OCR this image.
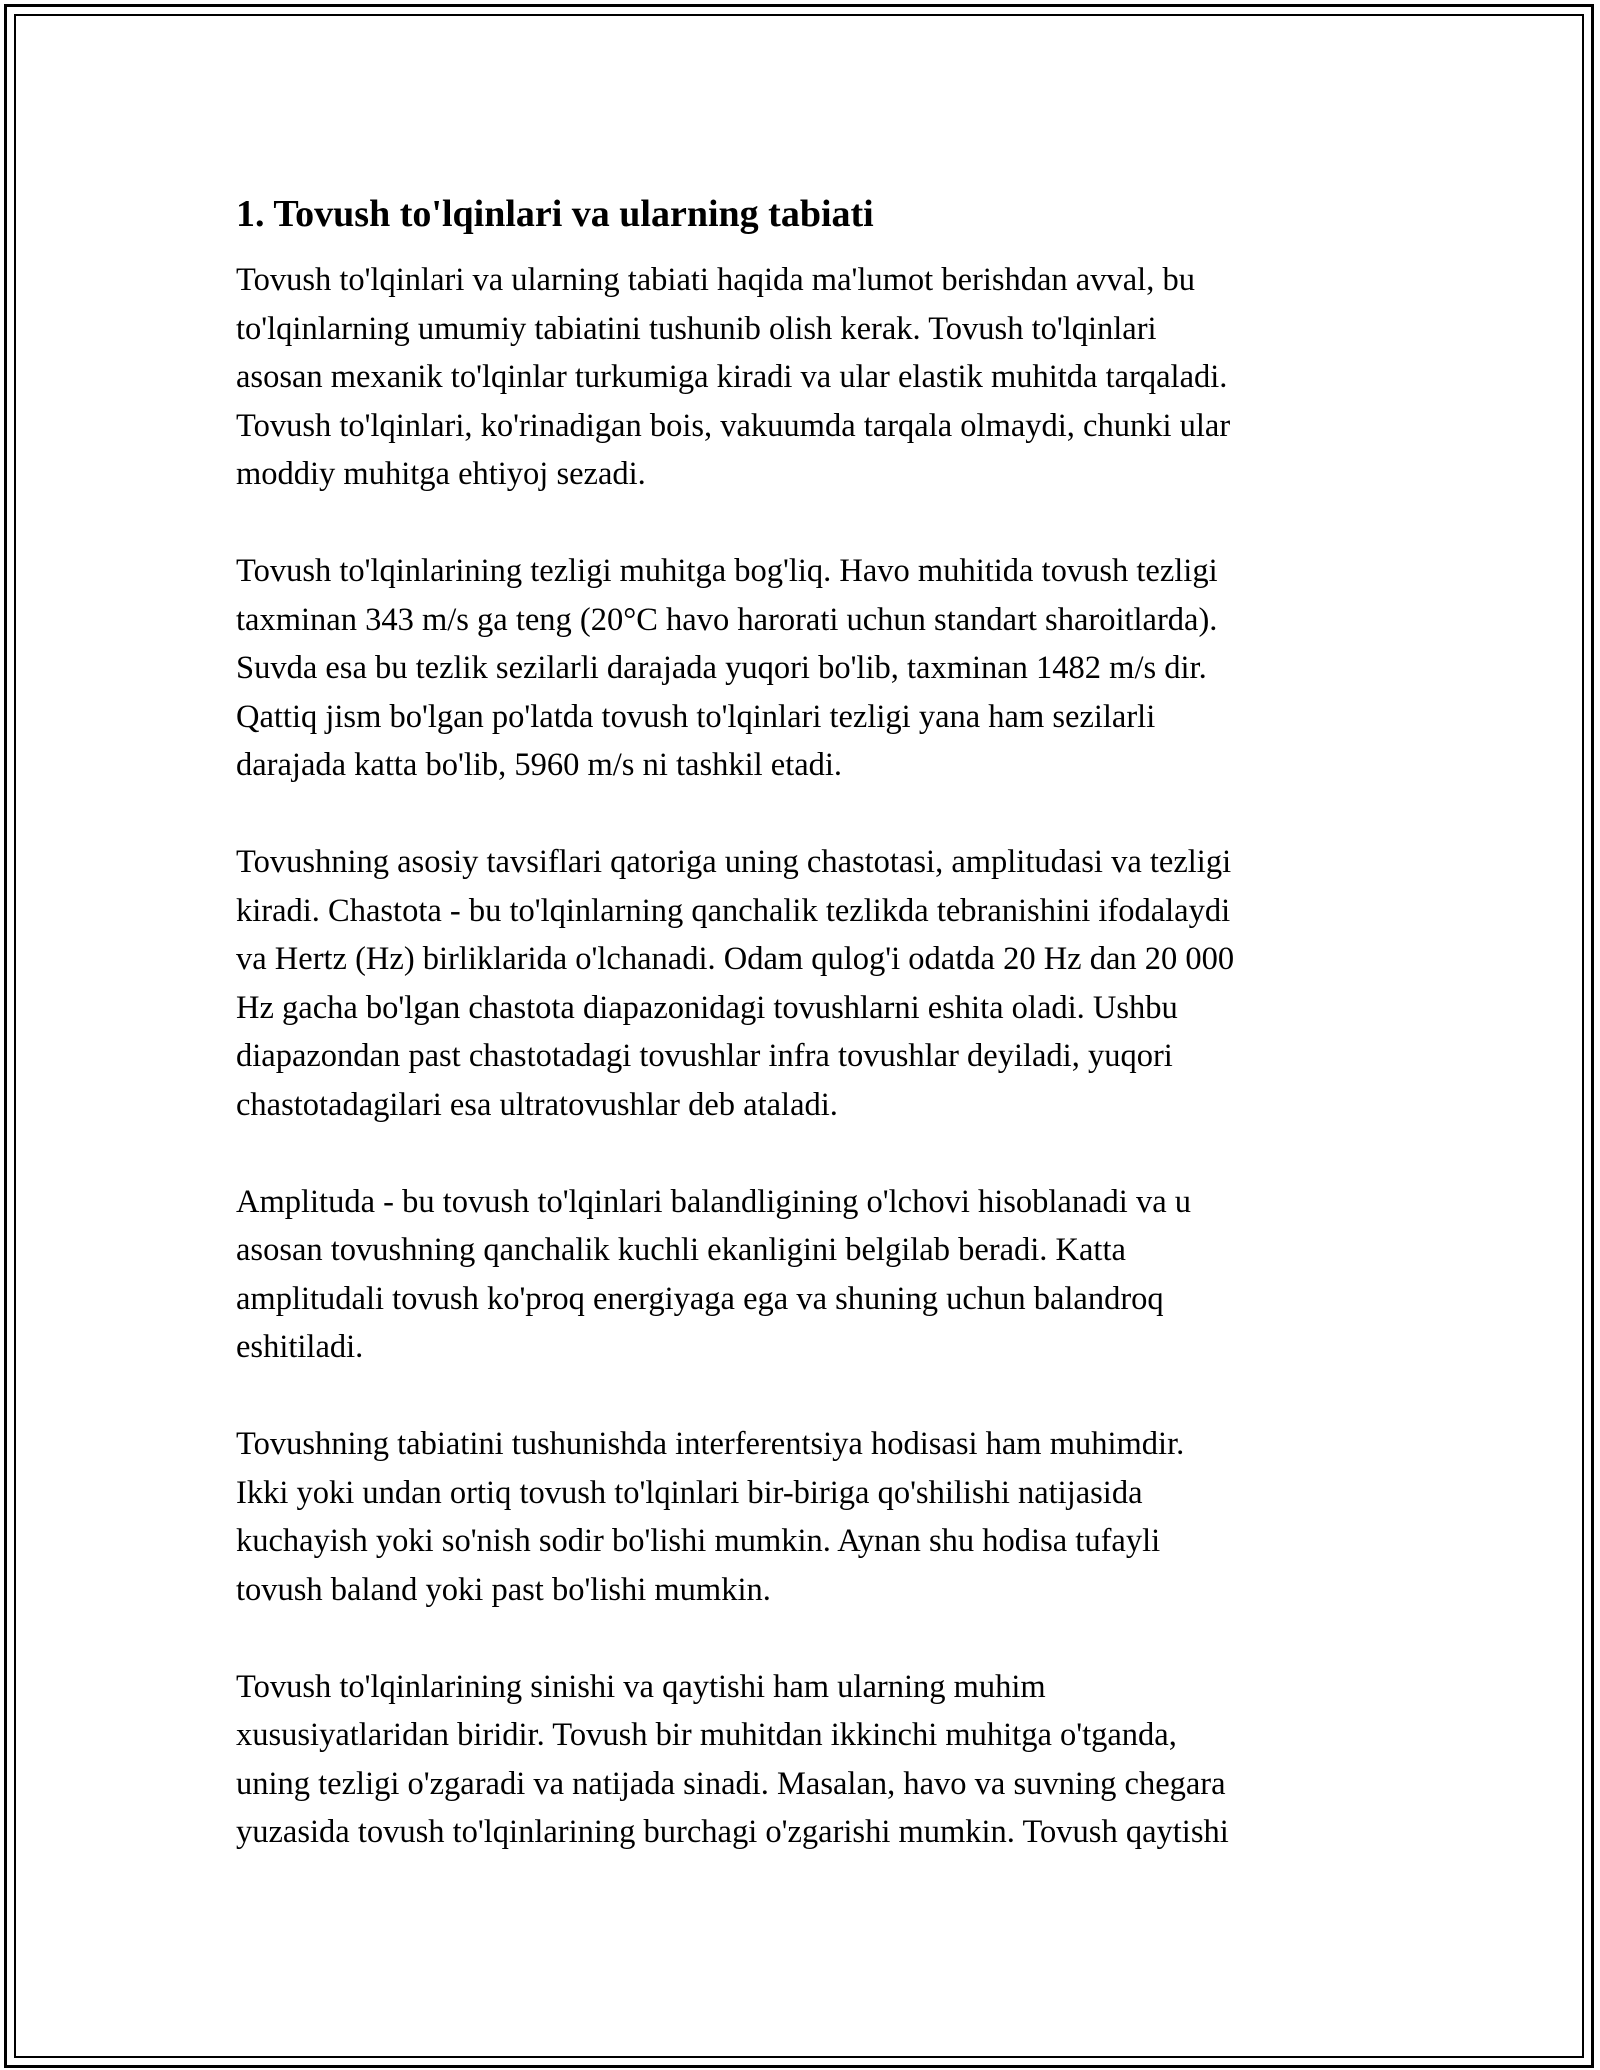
1. Tovush to'lqinlari va ularning tabiati

Tovush to'lqinlari va ularning tabiati haqida ma'lumot berishdan avval, bu
to'lqinlarning umumiy tabiatini tushunib olish kerak. Tovush to'lqinlari
asosan mexanik to'lqinlar turkumiga kiradi va ular elastik muhitda tarqaladi.
Tovush to'lqinlari, ko'rinadigan bois, vakuumda tarqala olmaydi, chunki ular
moddiy muhitga ehtiyoj sezadi.

Tovush to'lqinlarining tezligi muhitga bog'liq. Havo muhitida tovush tezligi
taxminan 343 m/s ga teng (20°C havo harorati uchun standart sharoitlarda).
Suvda esa bu tezlik sezilarli darajada yuqori bo'lib, taxminan 1482 m/s dir.
Qattiq jism bo'lgan po'latda tovush to'lqinlari tezligi yana ham sezilarli
darajada katta bo'lib, 5960 m/s ni tashkil etadi.

Tovushning asosiy tavsiflari qatoriga uning chastotasi, amplitudasi va tezligi
kiradi. Chastota - bu to'lqinlarning qanchalik tezlikda tebranishini ifodalaydi
va Hertz (Hz) birliklarida o'lchanadi. Odam qulog'i odatda 20 Hz dan 20 000
Hz gacha bo'lgan chastota diapazonidagi tovushlarni eshita oladi. Ushbu
diapazondan past chastotadagi tovushlar infra tovushlar deyiladi, yuqori
chastotadagilari esa ultratovushlar deb ataladi.

Amplituda - bu tovush to'lqinlari balandligining o'lchovi hisoblanadi va u
asosan tovushning qanchalik kuchli ekanligini belgilab beradi. Katta
amplitudali tovush ko'proq energiyaga ega va shuning uchun balandroq
eshitiladi.

Tovushning tabiatini tushunishda interferentsiya hodisasi ham muhimdir.
Ikki yoki undan ortiq tovush to'lqinlari bir-biriga qo'shilishi natijasida
kuchayish yoki so'nish sodir bo'lishi mumkin. Aynan shu hodisa tufayli
tovush baland yoki past bo'lishi mumkin.

Tovush to'lqinlarining sinishi va qaytishi ham ularning muhim
xususiyatlaridan biridir. Tovush bir muhitdan ikkinchi muhitga o'tganda,
uning tezligi o'zgaradi va natijada sinadi. Masalan, havo va suvning chegara
yuzasida tovush to'lqinlarining burchagi o'zgarishi mumkin. Tovush qaytishi
